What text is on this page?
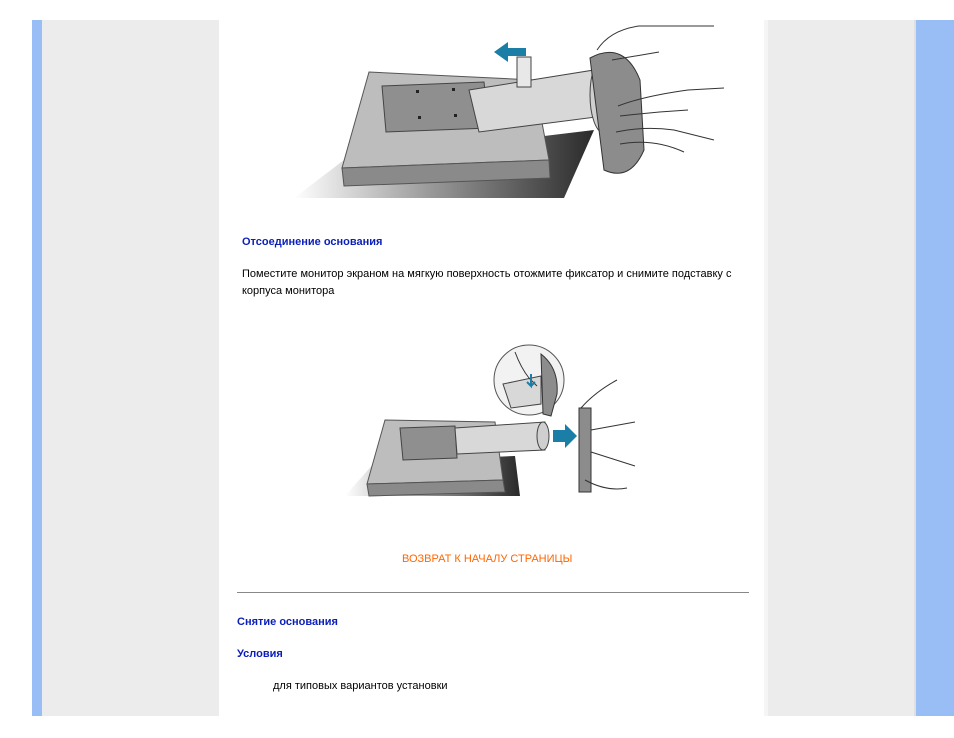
Отсоединение основания

Поместите монитор экраном на мягкую поверхность отожмите фиксатор и снимите подставку с корпуса монитора

ВОЗВРАТ К НАЧАЛУ СТРАНИЦЫ
Снятие основания
Условия

для типовых вариантов установки
